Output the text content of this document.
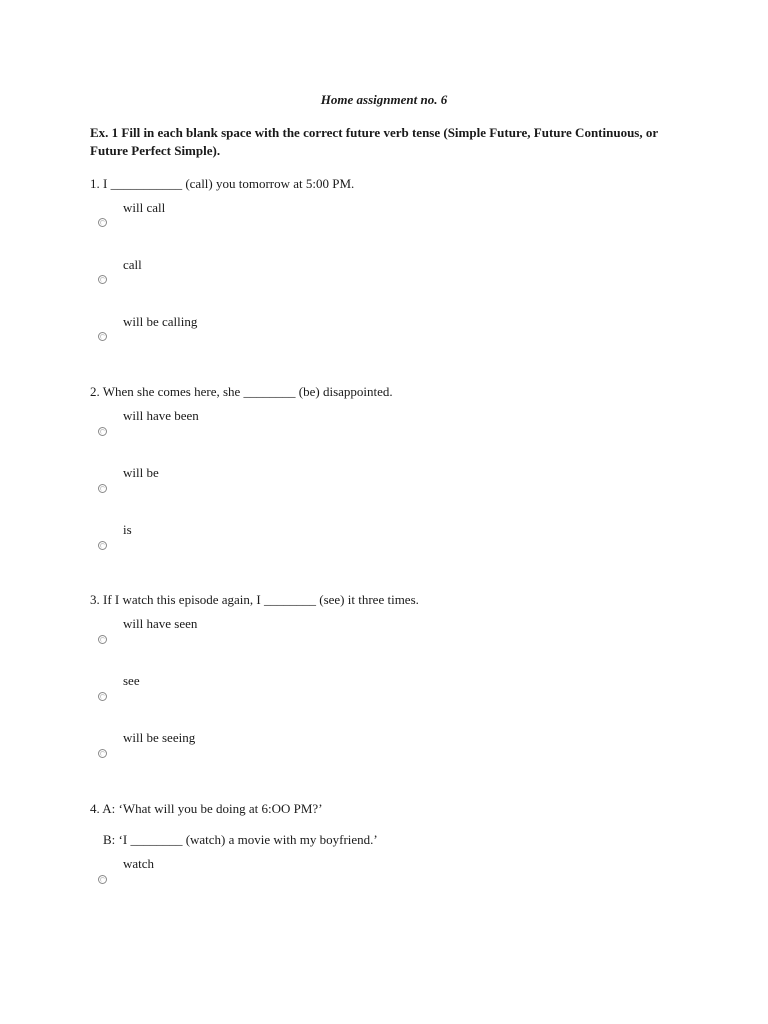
Home assignment no. 6
Ex. 1 Fill in each blank space with the correct future verb tense (Simple Future, Future Continuous, or Future Perfect Simple).
1. I ___________ (call) you tomorrow at 5:00 PM.
will call
call
will be calling
2. When she comes here, she ________ (be) disappointed.
will have been
will be
is
3. If I watch this episode again, I ________ (see) it three times.
will have seen
see
will be seeing
4. A: ‘What will you be doing at 6:OO PM?’
B: ‘I ________ (watch) a movie with my boyfriend.’
watch
